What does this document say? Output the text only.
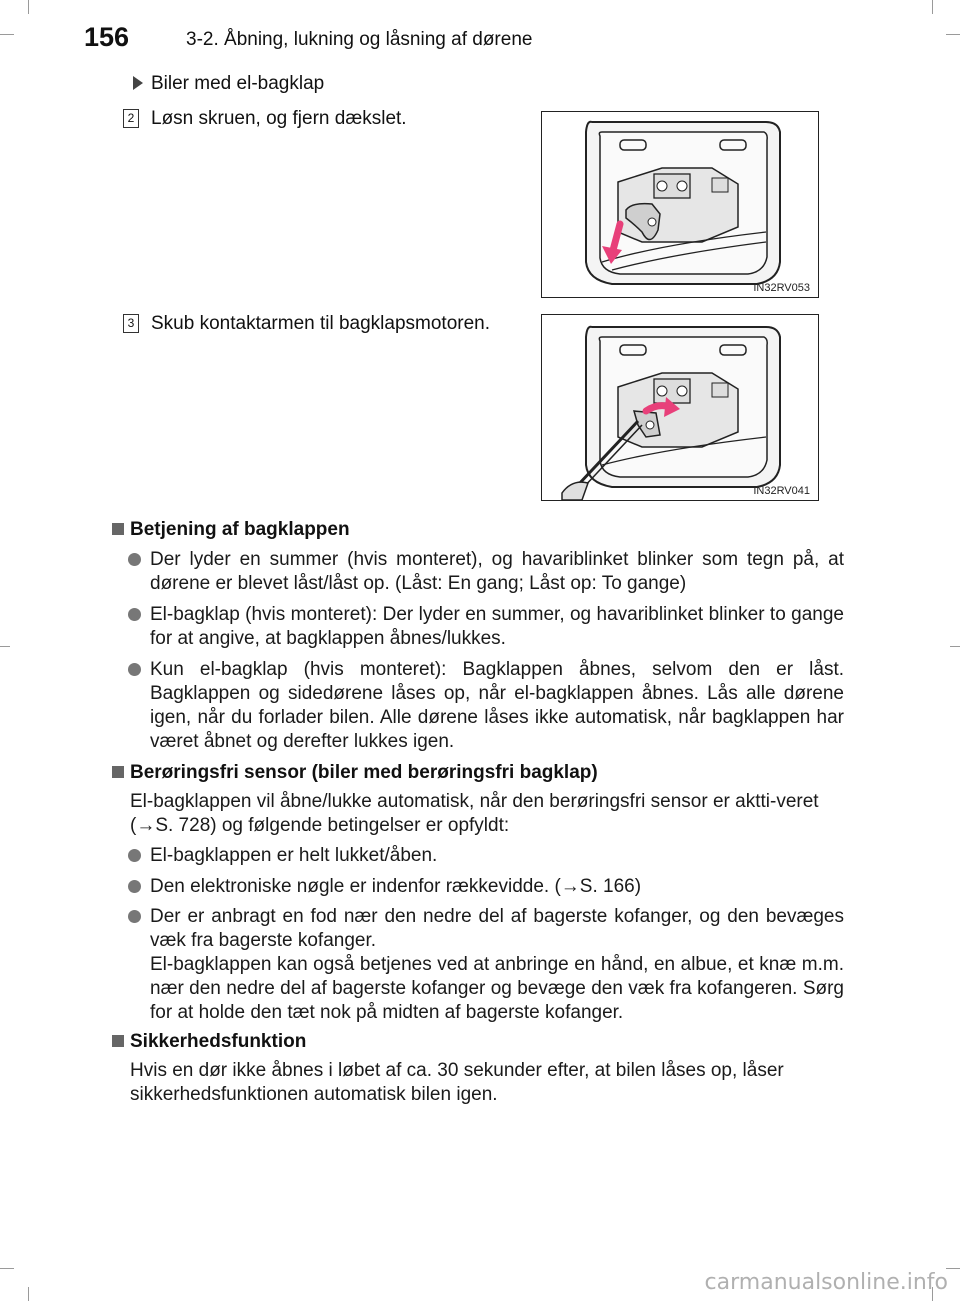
156	3-2. Åbning, lukning og låsning af dørene
Biler med el-bagklap
2 Løsn skruen, og fjern dækslet.
IN32RV053
3 Skub kontaktarmen til bagklapsmotoren.
IN32RV041
Betjening af bagklappen
Der lyder en summer (hvis monteret), og havariblinket blinker som tegn på, at dørene er blevet låst/låst op. (Låst: En gang; Låst op: To gange)
El-bagklap (hvis monteret): Der lyder en summer, og havariblinket blinker to gange for at angive, at bagklappen åbnes/lukkes.
Kun el-bagklap (hvis monteret): Bagklappen åbnes, selvom den er låst. Bagklappen og sidedørene låses op, når el-bagklappen åbnes. Lås alle dørene igen, når du forlader bilen. Alle dørene låses ikke automatisk, når bagklappen har været åbnet og derefter lukkes igen.
Berøringsfri sensor (biler med berøringsfri bagklap)
El-bagklappen vil åbne/lukke automatisk, når den berøringsfri sensor er aktti-veret (→S. 728) og følgende betingelser er opfyldt:
El-bagklappen er helt lukket/åben.
Den elektroniske nøgle er indenfor rækkevidde. (→S. 166)
Der er anbragt en fod nær den nedre del af bagerste kofanger, og den bevæges væk fra bagerste kofanger.
El-bagklappen kan også betjenes ved at anbringe en hånd, en albue, et knæ m.m. nær den nedre del af bagerste kofanger og bevæge den væk fra kofangeren. Sørg for at holde den tæt nok på midten af bagerste kofanger.
Sikkerhedsfunktion
Hvis en dør ikke åbnes i løbet af ca. 30 sekunder efter, at bilen låses op, låser sikkerhedsfunktionen automatisk bilen igen.
carmanualsonline.info
